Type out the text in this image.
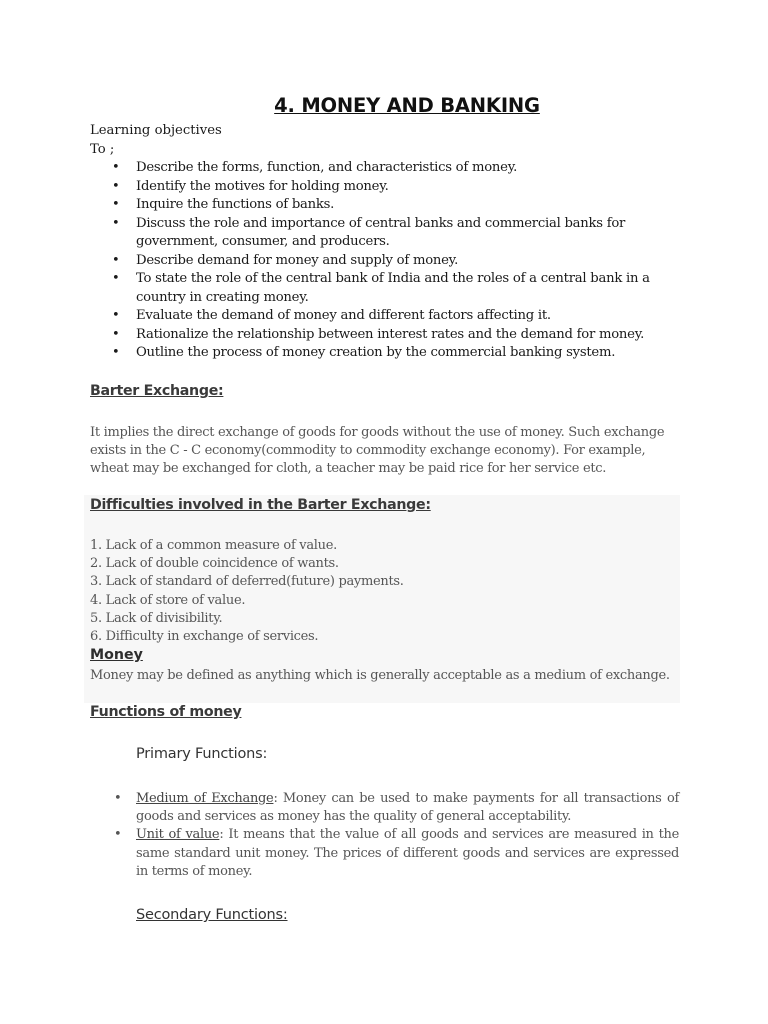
4. MONEY AND BANKING
Learning objectives
To ;
• Describe the forms, function, and characteristics of money.
• Identify the motives for holding money.
• Inquire the functions of banks.
• Discuss the role and importance of central banks and commercial banks for government, consumer, and producers.
• Describe demand for money and supply of money.
• To state the role of the central bank of India and the roles of a central bank in a country in creating money.
• Evaluate the demand of money and different factors affecting it.
• Rationalize the relationship between interest rates and the demand for money.
• Outline the process of money creation by the commercial banking system.
Barter Exchange:
It implies the direct exchange of goods for goods without the use of money. Such exchange exists in the C - C economy(commodity to commodity exchange economy). For example, wheat may be exchanged for cloth, a teacher may be paid rice for her service etc.
Difficulties involved in the Barter Exchange:
1. Lack of a common measure of value.
2. Lack of double coincidence of wants.
3. Lack of standard of deferred(future) payments.
4. Lack of store of value.
5. Lack of divisibility.
6. Difficulty in exchange of services.
Money
Money may be defined as anything which is generally acceptable as a medium of exchange.
Functions of money
Primary Functions:
• Medium of Exchange: Money can be used to make payments for all transactions of goods and services as money has the quality of general acceptability.
• Unit of value: It means that the value of all goods and services are measured in the same standard unit money. The prices of different goods and services are expressed in terms of money.
Secondary Functions:
